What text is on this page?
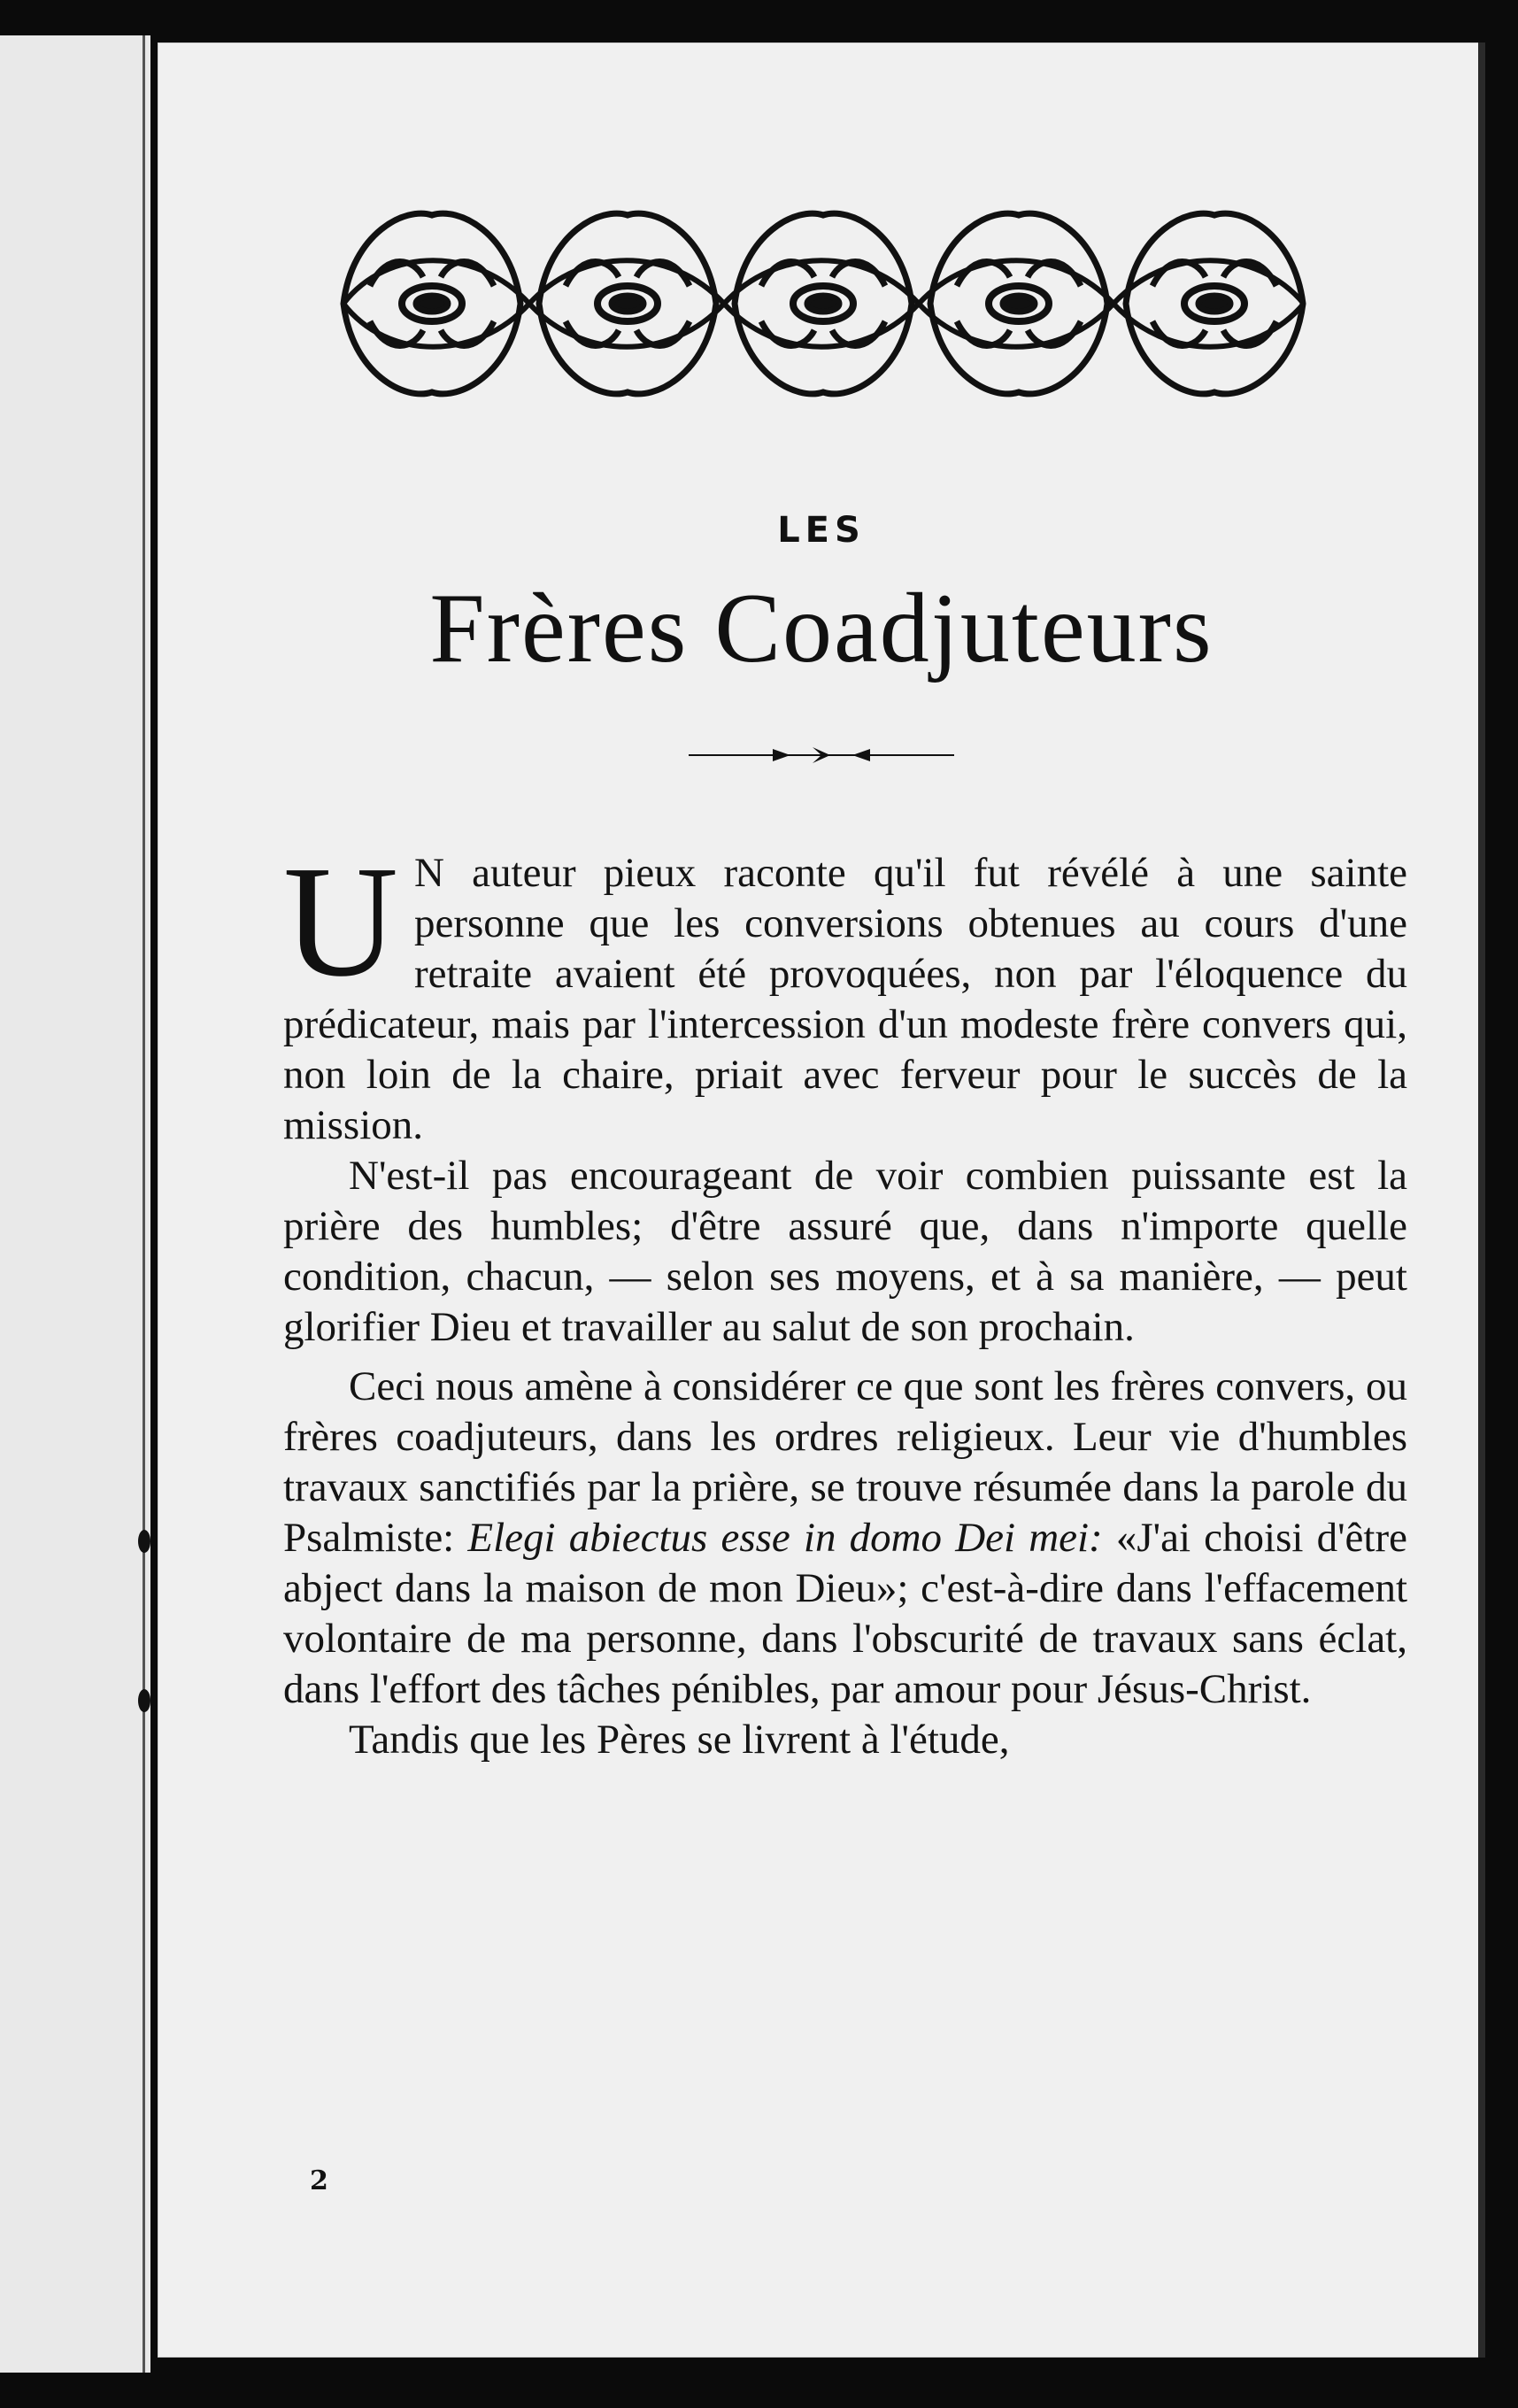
LES
Frères Coadjuteurs

U N auteur pieux raconte qu'il fut révélé à une sainte personne que les conversions obtenues au cours d'une retraite avaient été provoquées, non par l'éloquence du prédicateur, mais par l'intercession d'un modeste frère convers qui, non loin de la chaire, priait avec ferveur pour le succès de la mission.

N'est-il pas encourageant de voir combien puissante est la prière des humbles; d'être assuré que, dans n'importe quelle condition, chacun, — selon ses moyens, et à sa manière, — peut glorifier Dieu et travailler au salut de son prochain.

Ceci nous amène à considérer ce que sont les frères convers, ou frères coadjuteurs, dans les ordres religieux. Leur vie d'humbles travaux sanctifiés par la prière, se trouve résumée dans la parole du Psalmiste: Elegi abiectus esse in domo Dei mei: «J'ai choisi d'être abject dans la maison de mon Dieu»; c'est-à-dire dans l'effacement volontaire de ma personne, dans l'obscurité de travaux sans éclat, dans l'effort des tâches pénibles, par amour pour Jésus-Christ.

Tandis que les Pères se livrent à l'étude,

2
